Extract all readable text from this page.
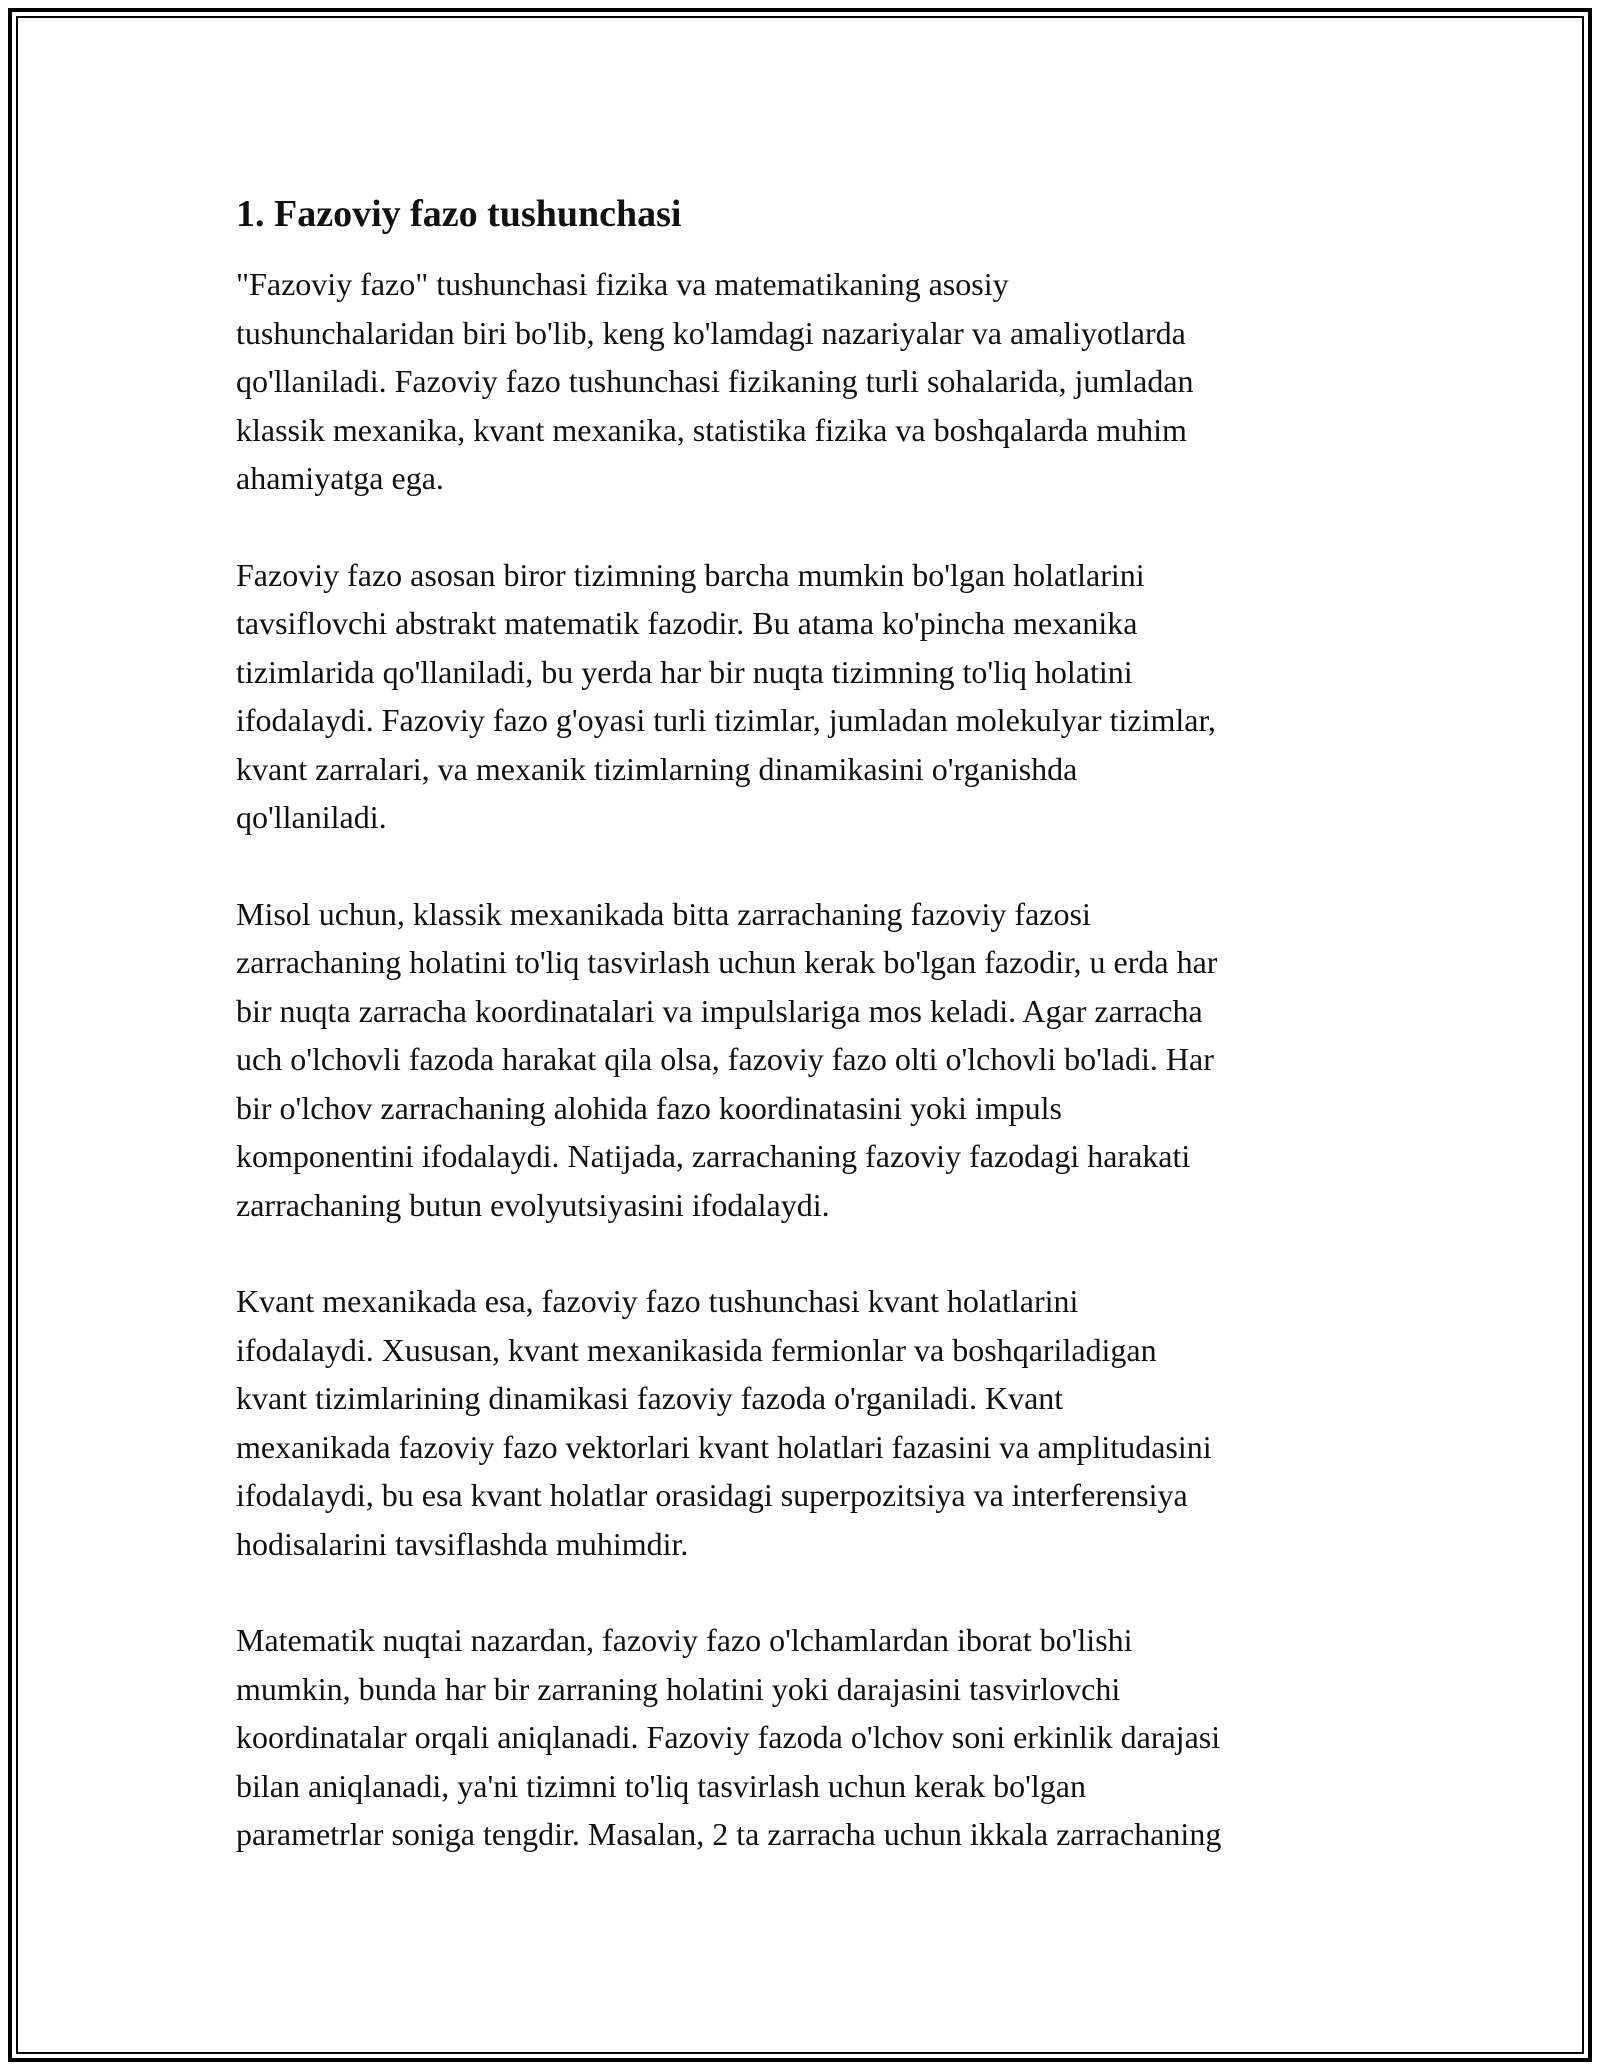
1. Fazoviy fazo tushunchasi

"Fazoviy fazo" tushunchasi fizika va matematikaning asosiy
tushunchalaridan biri bo'lib, keng ko'lamdagi nazariyalar va amaliyotlarda
qo'llaniladi. Fazoviy fazo tushunchasi fizikaning turli sohalarida, jumladan
klassik mexanika, kvant mexanika, statistika fizika va boshqalarda muhim
ahamiyatga ega.

Fazoviy fazo asosan biror tizimning barcha mumkin bo'lgan holatlarini
tavsiflovchi abstrakt matematik fazodir. Bu atama ko'pincha mexanika
tizimlarida qo'llaniladi, bu yerda har bir nuqta tizimning to'liq holatini
ifodalaydi. Fazoviy fazo g'oyasi turli tizimlar, jumladan molekulyar tizimlar,
kvant zarralari, va mexanik tizimlarning dinamikasini o'rganishda
qo'llaniladi.

Misol uchun, klassik mexanikada bitta zarrachaning fazoviy fazosi
zarrachaning holatini to'liq tasvirlash uchun kerak bo'lgan fazodir, u erda har
bir nuqta zarracha koordinatalari va impulslariga mos keladi. Agar zarracha
uch o'lchovli fazoda harakat qila olsa, fazoviy fazo olti o'lchovli bo'ladi. Har
bir o'lchov zarrachaning alohida fazo koordinatasini yoki impuls
komponentini ifodalaydi. Natijada, zarrachaning fazoviy fazodagi harakati
zarrachaning butun evolyutsiyasini ifodalaydi.

Kvant mexanikada esa, fazoviy fazo tushunchasi kvant holatlarini
ifodalaydi. Xususan, kvant mexanikasida fermionlar va boshqariladigan
kvant tizimlarining dinamikasi fazoviy fazoda o'rganiladi. Kvant
mexanikada fazoviy fazo vektorlari kvant holatlari fazasini va amplitudasini
ifodalaydi, bu esa kvant holatlar orasidagi superpozitsiya va interferensiya
hodisalarini tavsiflashda muhimdir.

Matematik nuqtai nazardan, fazoviy fazo o'lchamlardan iborat bo'lishi
mumkin, bunda har bir zarraning holatini yoki darajasini tasvirlovchi
koordinatalar orqali aniqlanadi. Fazoviy fazoda o'lchov soni erkinlik darajasi
bilan aniqlanadi, ya'ni tizimni to'liq tasvirlash uchun kerak bo'lgan
parametrlar soniga tengdir. Masalan, 2 ta zarracha uchun ikkala zarrachaning
